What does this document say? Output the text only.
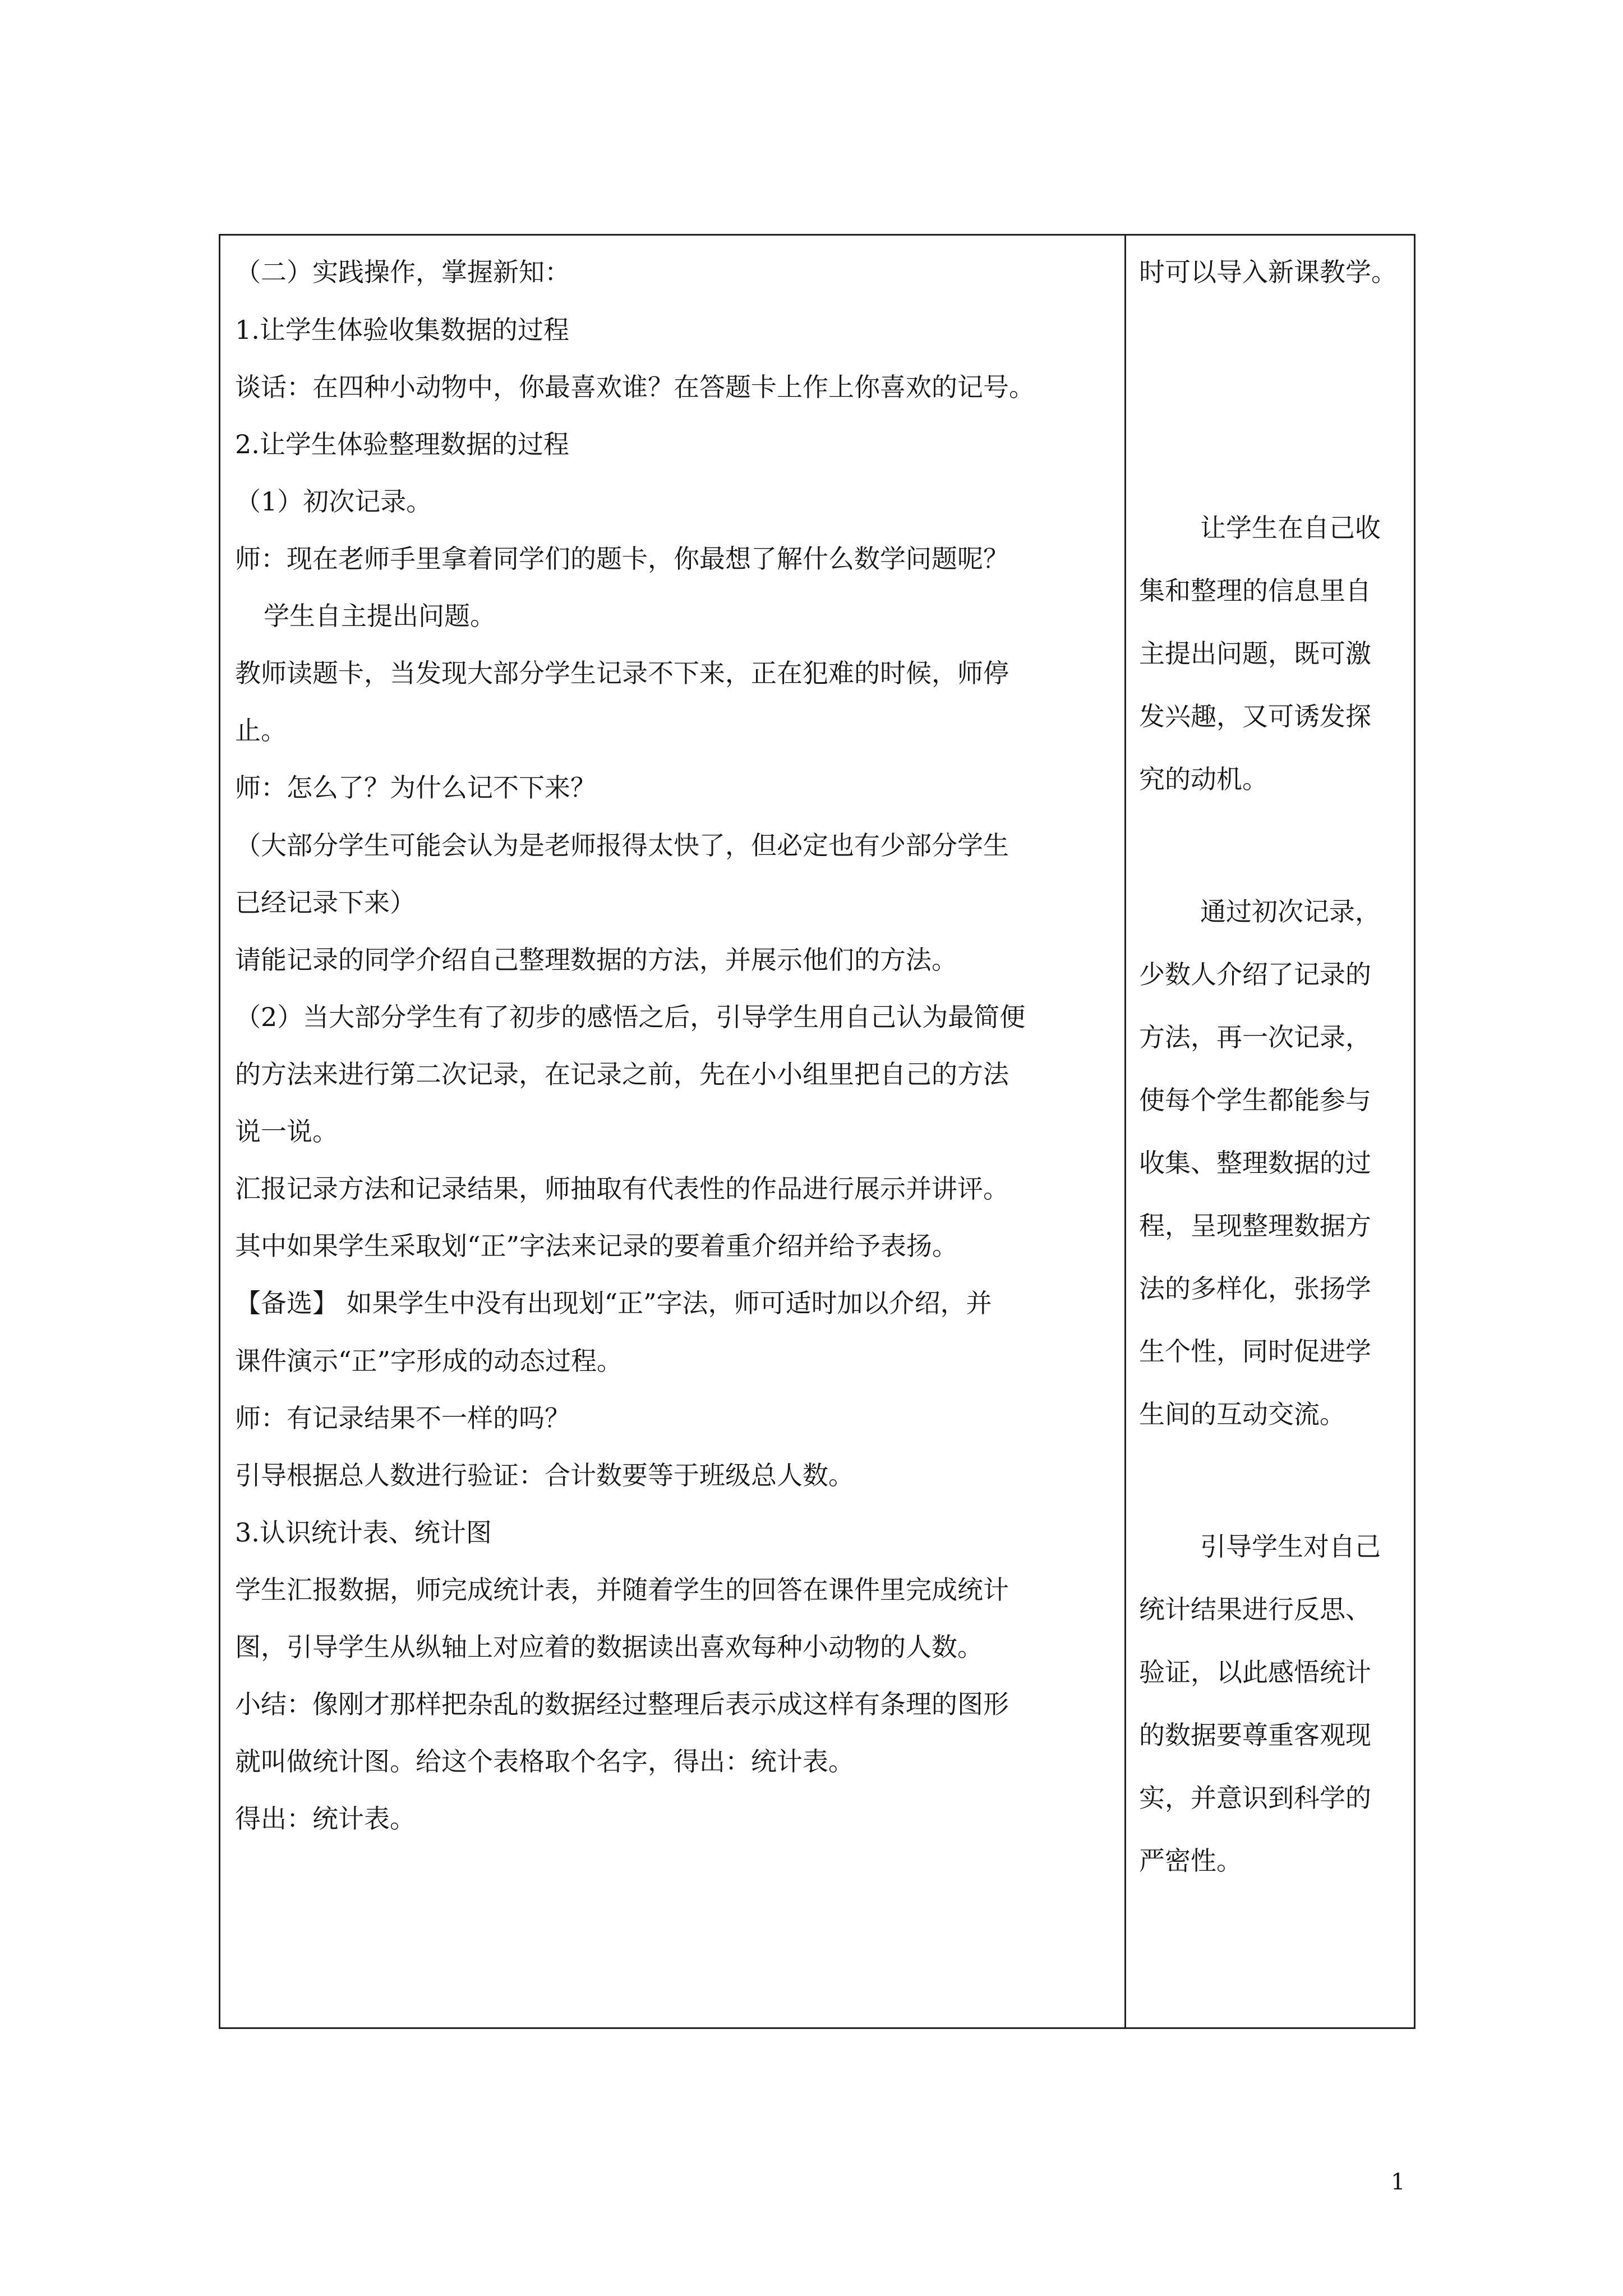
（二）实践操作，掌握新知：
1.让学生体验收集数据的过程
谈话：在四种小动物中，你最喜欢谁？在答题卡上作上你喜欢的记号。
2.让学生体验整理数据的过程
（1）初次记录。
师：现在老师手里拿着同学们的题卡，你最想了解什么数学问题呢？
学生自主提出问题。
教师读题卡，当发现大部分学生记录不下来，正在犯难的时候，师停
止。
师：怎么了？为什么记不下来？
（大部分学生可能会认为是老师报得太快了，但必定也有少部分学生
已经记录下来）
请能记录的同学介绍自己整理数据的方法，并展示他们的方法。
（2）当大部分学生有了初步的感悟之后，引导学生用自己认为最简便
的方法来进行第二次记录，在记录之前，先在小小组里把自己的方法
说一说。
汇报记录方法和记录结果，师抽取有代表性的作品进行展示并讲评。
其中如果学生采取划“正”字法来记录的要着重介绍并给予表扬。
【备选】 如果学生中没有出现划“正”字法，师可适时加以介绍，并
课件演示“正”字形成的动态过程。
师：有记录结果不一样的吗？
引导根据总人数进行验证：合计数要等于班级总人数。
3.认识统计表、统计图
学生汇报数据，师完成统计表，并随着学生的回答在课件里完成统计
图，引导学生从纵轴上对应着的数据读出喜欢每种小动物的人数。
小结：像刚才那样把杂乱的数据经过整理后表示成这样有条理的图形
就叫做统计图。给这个表格取个名字，得出：统计表。
得出：统计表。
时可以导入新课教学。
让学生在自己收
集和整理的信息里自
主提出问题，既可激
发兴趣，又可诱发探
究的动机。
通过初次记录，
少数人介绍了记录的
方法，再一次记录，
使每个学生都能参与
收集、整理数据的过
程，呈现整理数据方
法的多样化，张扬学
生个性，同时促进学
生间的互动交流。
引导学生对自己
统计结果进行反思、
验证，以此感悟统计
的数据要尊重客观现
实，并意识到科学的
严密性。
1
